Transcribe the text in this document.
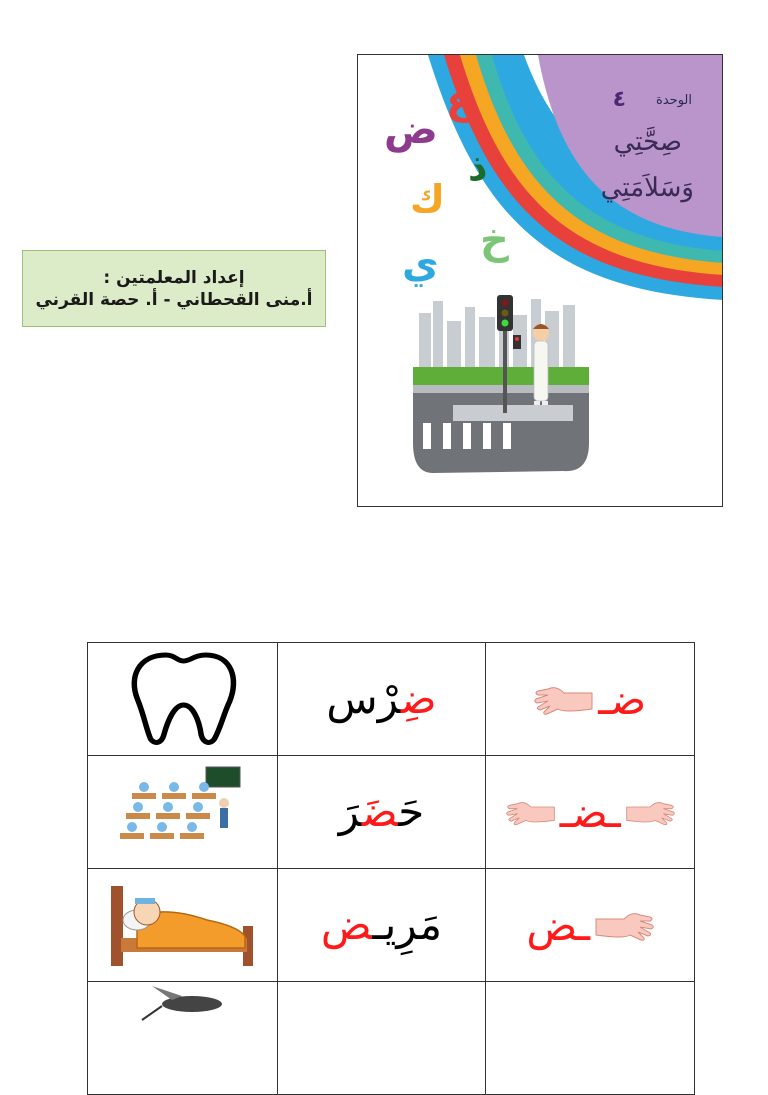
إعداد المعلمتين :
أ.منى القحطاني - أ. حصة القرني
الوحدة
٤
صِحَّتِي
وَسَلاَمَتِي
ع
ض
ذ
ك
خ
ي
	ضِرْس	ضـ

	حَضَرَ	ـضـ

	مَرِيـض	ـض
